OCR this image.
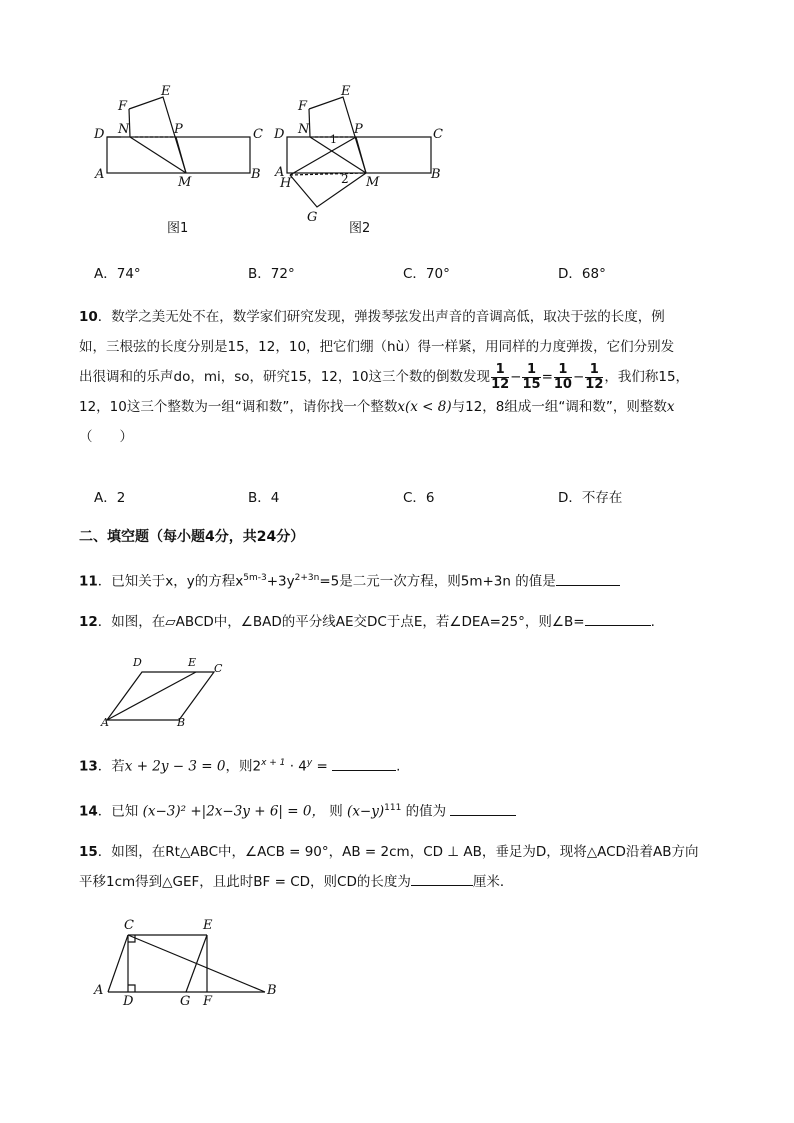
F
E
D N	P	C
A
M
B
F
E
D N
1
P	C
A
H	2 M
B
G
图1	图2
A．74°	B．72°	C．70°	D．68°
10．数学之美无处不在，数学家们研究发现，弹拨琴弦发出声音的音调高低，取决于弦的长度，例
如，三根弦的长度分别是15，12，10，把它们绷（hù）得一样紧，用同样的力度弹拨，它们分别发
出很调和的乐声do，mi，so，研究15，12，10这三个数的倒数发现 $\frac{1}{12} - \frac{1}{15} = \frac{1}{10} - \frac{1}{12}$ ，我们称15，
12，10这三个整数为一组“调和数”，请你找一个整数x(x < 8)与12，8组成一组“调和数”，则整数x
（　　）
A．2	B．4	C．6	D．不存在
二、填空题（每小题4分，共24分）
11．已知关于x，y的方程$x^{5m-3}+3y^{2+3n}=5$是二元一次方程，则5m+3n 的值是
12．如图，在▱ABCD中，∠BAD的平分线AE交DC于点E，若∠DEA=25°，则∠B=	.
D	E C
A	B
13．若x + 2y − 3 = 0，则$2^{x + 1} \cdot 4^y$ =	.
14．已知 (x−3)² +|2x−3y + 6| = 0， 则 $(x-y)^{111}$ 的值为
15．如图，在Rt△ABC中，∠ACB = 90°，AB = 2cm，CD ⊥ AB，垂足为D，现将△ACD沿着AB方向
平移1cm得到△GEF，且此时BF = CD，则CD的长度为	厘米．
C	E
A
D	G F
B
